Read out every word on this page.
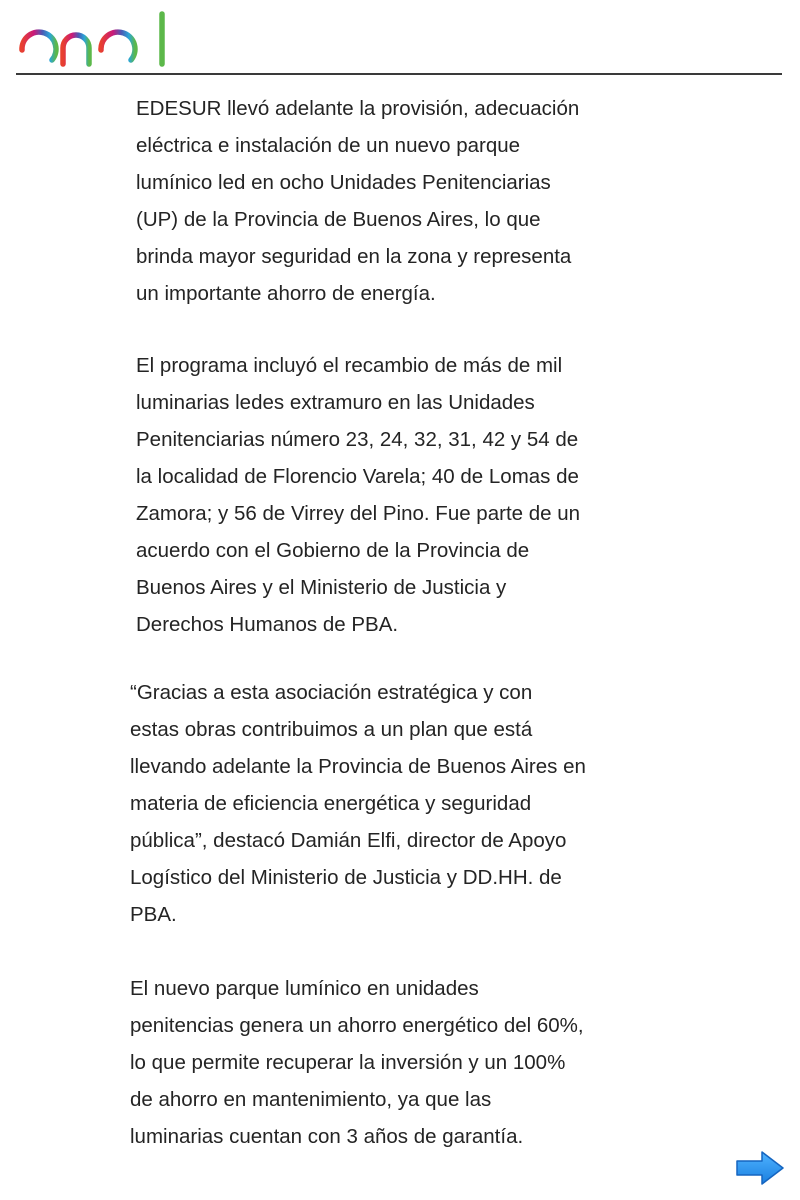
EDESUR llevó adelante la provisión, adecuación
eléctrica e instalación de un nuevo parque
lumínico led en ocho Unidades Penitenciarias
(UP) de la Provincia de Buenos Aires, lo que
brinda mayor seguridad en la zona y representa
un importante ahorro de energía.

El programa incluyó el recambio de más de mil
luminarias ledes extramuro en las Unidades
Penitenciarias número 23, 24, 32, 31, 42 y 54 de
la localidad de Florencio Varela; 40 de Lomas de
Zamora; y 56 de Virrey del Pino. Fue parte de un
acuerdo con el Gobierno de la Provincia de
Buenos Aires y el Ministerio de Justicia y
Derechos Humanos de PBA.

“Gracias a esta asociación estratégica y con
estas obras contribuimos a un plan que está
llevando adelante la Provincia de Buenos Aires en
materia de eficiencia energética y seguridad
pública”, destacó Damián Elfi, director de Apoyo
Logístico del Ministerio de Justicia y DD.HH. de
PBA.

El nuevo parque lumínico en unidades
penitencias genera un ahorro energético del 60%,
lo que permite recuperar la inversión y un 100%
de ahorro en mantenimiento, ya que las
luminarias cuentan con 3 años de garantía.
